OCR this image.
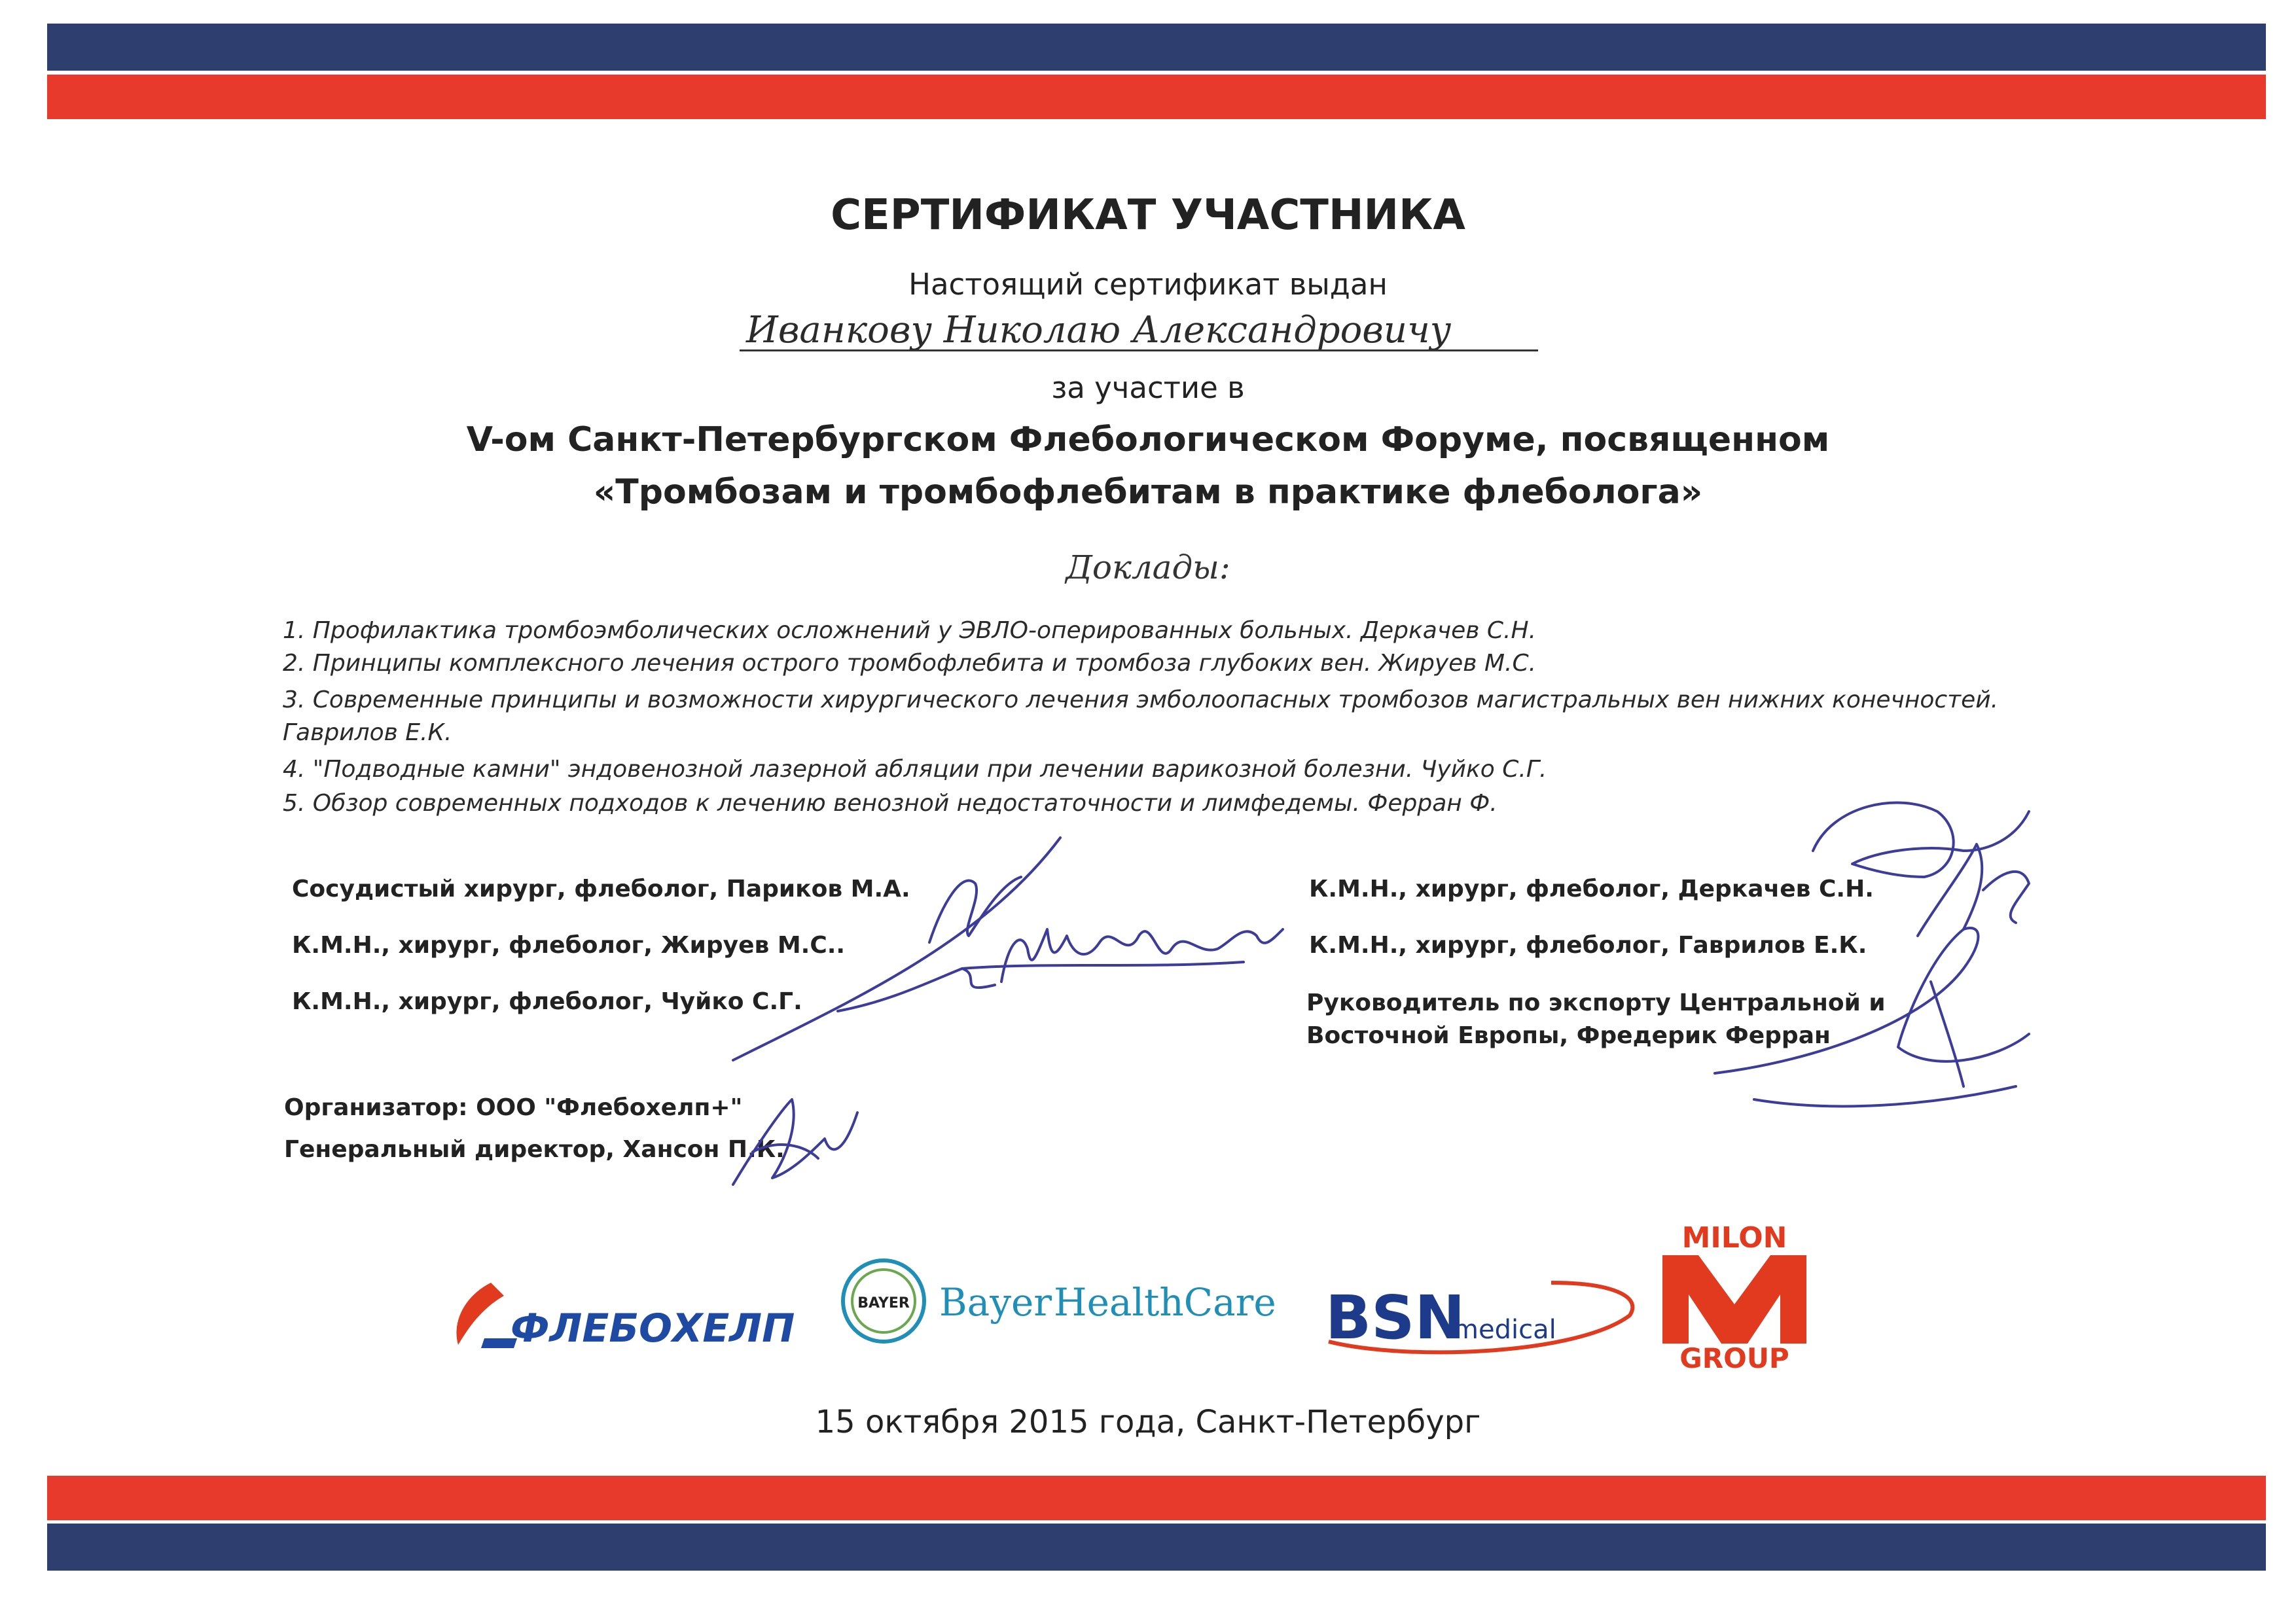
СЕРТИФИКАТ УЧАСТНИКА
Настоящий сертификат выдан
Иванкову Николаю Александровичу
за участие в
V-ом Санкт-Петербургском Флебологическом Форуме, посвященном
«Тромбозам и тромбофлебитам в практике флеболога»
Доклады:
1. Профилактика тромбоэмболических осложнений у ЭВЛО-оперированных больных. Деркачев С.Н.
2. Принципы комплексного лечения острого тромбофлебита и тромбоза глубоких вен. Жируев М.С.
3. Современные принципы и возможности хирургического лечения эмболоопасных тромбозов магистральных вен нижних конечностей.
Гаврилов Е.К.
4. "Подводные камни" эндовенозной лазерной абляции при лечении варикозной болезни. Чуйко С.Г.
5. Обзор современных подходов к лечению венозной недостаточности и лимфедемы. Ферран Ф.
Сосудистый хирург, флеболог, Париков М.А.
К.М.Н., хирург, флеболог, Жируев М.С..
К.М.Н., хирург, флеболог, Чуйко С.Г.
К.М.Н., хирург, флеболог, Деркачев С.Н.
К.М.Н., хирург, флеболог, Гаврилов Е.К.
Руководитель по экспорту Центральной и
Восточной Европы, Фредерик Ферран
Организатор: ООО "Флебохелп+"
Генеральный директор, Хансон П.К.
ФЛЕБОХЕЛП
BAYER Bayer HealthCare BSN
medical
MILON
GROUP
15 октября 2015 года, Санкт-Петербург
